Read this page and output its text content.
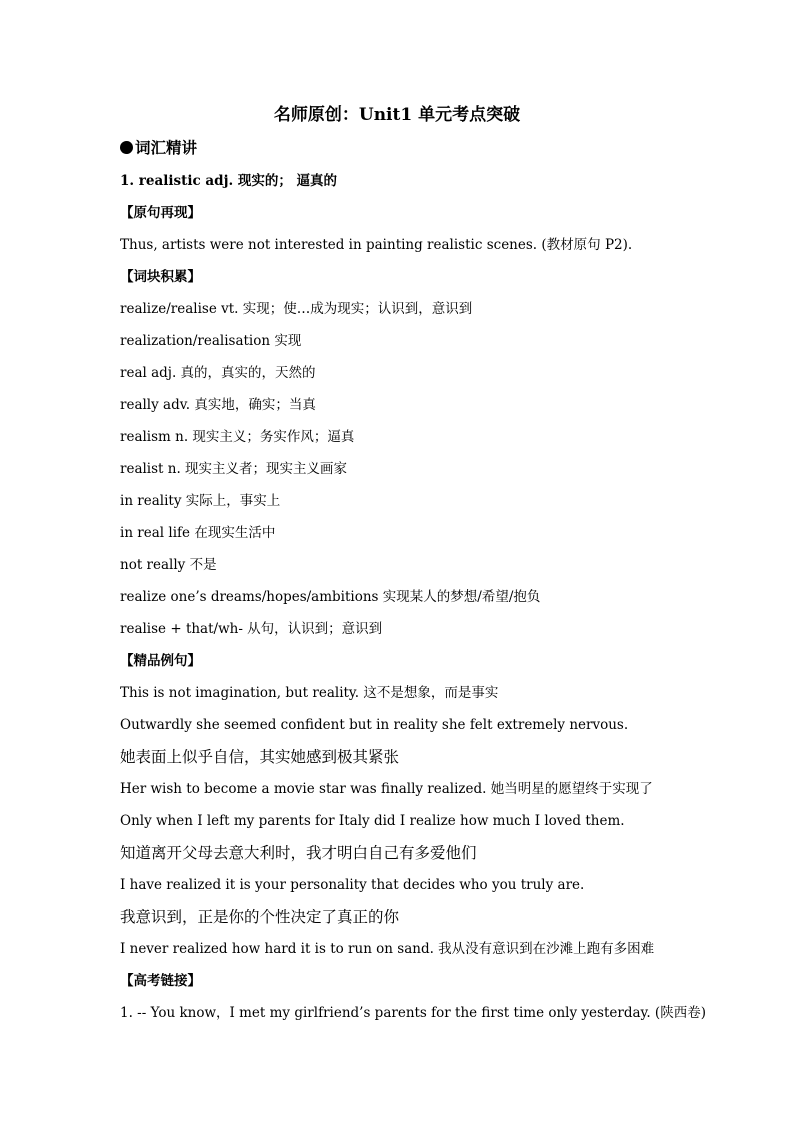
名师原创：Unit1 单元考点突破
词汇精讲
1. realistic adj. 现实的； 逼真的
【原句再现】
Thus, artists were not interested in painting realistic scenes. (教材原句 P2).
【词块积累】
realize/realise vt. 实现；使…成为现实；认识到，意识到
realization/realisation 实现
real adj. 真的，真实的，天然的
really adv. 真实地，确实；当真
realism n. 现实主义；务实作风；逼真
realist n. 现实主义者；现实主义画家
in reality 实际上，事实上
in real life 在现实生活中
not really 不是
realize one’s dreams/hopes/ambitions 实现某人的梦想/希望/抱负
realise + that/wh- 从句，认识到；意识到
【精品例句】
This is not imagination, but reality. 这不是想象，而是事实
Outwardly she seemed confident but in reality she felt extremely nervous.
她表面上似乎自信，其实她感到极其紧张
Her wish to become a movie star was finally realized. 她当明星的愿望终于实现了
Only when I left my parents for Italy did I realize how much I loved them.
知道离开父母去意大利时，我才明白自己有多爱他们
I have realized it is your personality that decides who you truly are.
我意识到，正是你的个性决定了真正的你
I never realized how hard it is to run on sand. 我从没有意识到在沙滩上跑有多困难
【高考链接】
1. -- You know，I met my girlfriend’s parents for the first time only yesterday. (陕西卷)
